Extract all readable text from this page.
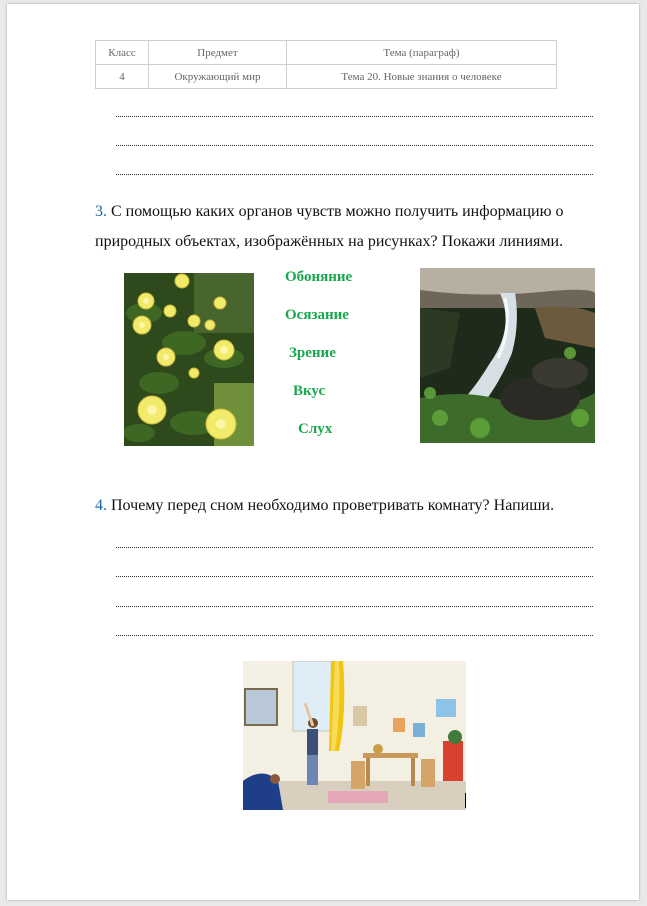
Класс	Предмет	Тема (параграф)
4	Окружающий мир	Тема 20. Новые знания о человеке
3. С помощью каких органов чувств можно получить информацию о природных объектах, изображённых на рисунках? Покажи линиями.
Обоняние
Осязание
Зрение
Вкус
Слух
4. Почему перед сном необходимо проветривать комнату? Напиши.
